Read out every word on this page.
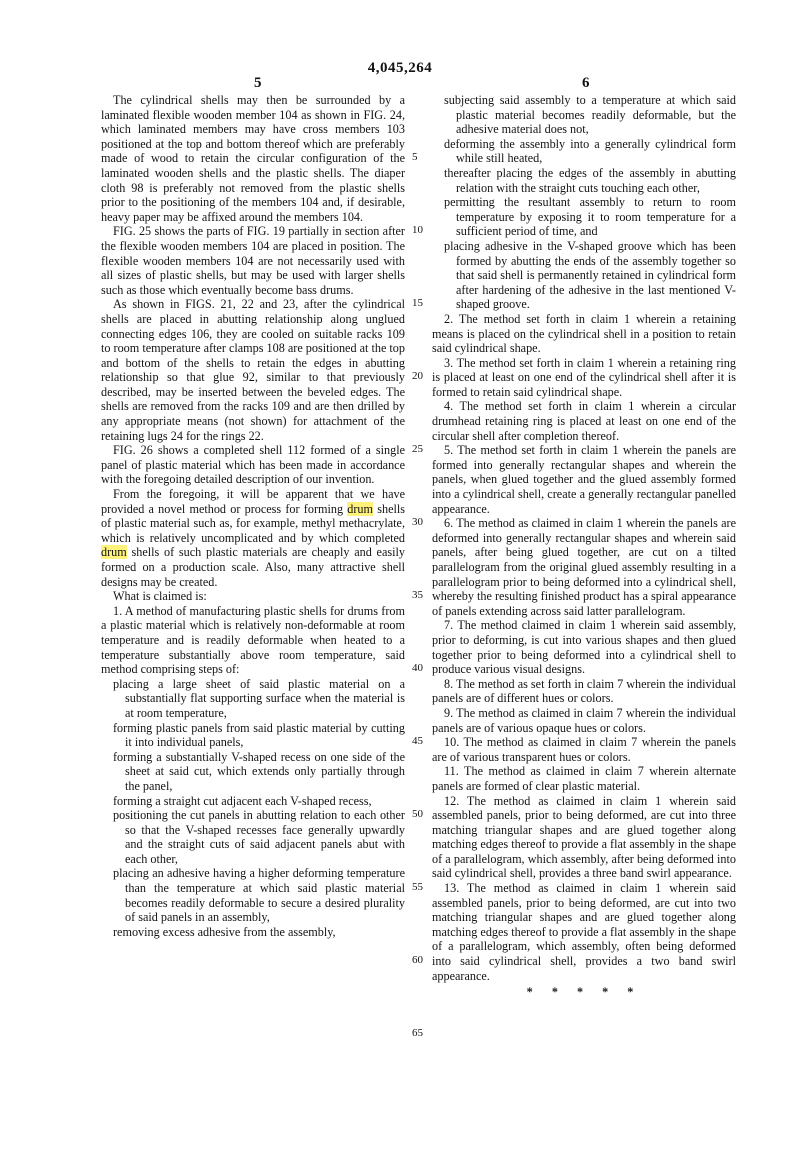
4,045,264
5	6

The cylindrical shells may then be surrounded by a laminated flexible wooden member 104 as shown in FIG. 24, which laminated members may have cross members 103 positioned at the top and bottom thereof which are preferably made of wood to retain the circular configuration of the laminated wooden shells and the plastic shells. The diaper cloth 98 is preferably not removed from the plastic shells prior to the positioning of the members 104 and, if desirable, heavy paper may be affixed around the members 104.

FIG. 25 shows the parts of FIG. 19 partially in section after the flexible wooden members 104 are placed in position. The flexible wooden members 104 are not necessarily used with all sizes of plastic shells, but may be used with larger shells such as those which eventually become bass drums.

As shown in FIGS. 21, 22 and 23, after the cylindrical shells are placed in abutting relationship along unglued connecting edges 106, they are cooled on suitable racks 109 to room temperature after clamps 108 are positioned at the top and bottom of the shells to retain the edges in abutting relationship so that glue 92, similar to that previously described, may be inserted between the beveled edges. The shells are removed from the racks 109 and are then drilled by any appropriate means (not shown) for attachment of the retaining lugs 24 for the rings 22.

FIG. 26 shows a completed shell 112 formed of a single panel of plastic material which has been made in accordance with the foregoing detailed description of our invention.

From the foregoing, it will be apparent that we have provided a novel method or process for forming drum shells of plastic material such as, for example, methyl methacrylate, which is relatively uncomplicated and by which completed drum shells of such plastic materials are cheaply and easily formed on a production scale. Also, many attractive shell designs may be created.

What is claimed is:

1. A method of manufacturing plastic shells for drums from a plastic material which is relatively non-deformable at room temperature and is readily deformable when heated to a temperature substantially above room temperature, said method comprising steps of:

placing a large sheet of said plastic material on a substantially flat supporting surface when the material is at room temperature,

forming plastic panels from said plastic material by cutting it into individual panels,

forming a substantially V-shaped recess on one side of the sheet at said cut, which extends only partially through the panel,

forming a straight cut adjacent each V-shaped recess,

positioning the cut panels in abutting relation to each other so that the V-shaped recesses face generally upwardly and the straight cuts of said adjacent panels abut with each other,

placing an adhesive having a higher deforming temperature than the temperature at which said plastic material becomes readily deformable to secure a desired plurality of said panels in an assembly,

removing excess adhesive from the assembly,

5
10
15
20
25
30
35
40
45
50
55
60
65

subjecting said assembly to a temperature at which said plastic material becomes readily deformable, but the adhesive material does not,

deforming the assembly into a generally cylindrical form while still heated,

thereafter placing the edges of the assembly in abutting relation with the straight cuts touching each other,

permitting the resultant assembly to return to room temperature by exposing it to room temperature for a sufficient period of time, and

placing adhesive in the V-shaped groove which has been formed by abutting the ends of the assembly together so that said shell is permanently retained in cylindrical form after hardening of the adhesive in the last mentioned V-shaped groove.

2. The method set forth in claim 1 wherein a retaining means is placed on the cylindrical shell in a position to retain said cylindrical shape.

3. The method set forth in claim 1 wherein a retaining ring is placed at least on one end of the cylindrical shell after it is formed to retain said cylindrical shape.

4. The method set forth in claim 1 wherein a circular drumhead retaining ring is placed at least on one end of the circular shell after completion thereof.

5. The method set forth in claim 1 wherein the panels are formed into generally rectangular shapes and wherein the panels, when glued together and the glued assembly formed into a cylindrical shell, create a generally rectangular panelled appearance.

6. The method as claimed in claim 1 wherein the panels are deformed into generally rectangular shapes and wherein said panels, after being glued together, are cut on a tilted parallelogram from the original glued assembly resulting in a parallelogram prior to being deformed into a cylindrical shell, whereby the resulting finished product has a spiral appearance of panels extending across said latter parallelogram.

7. The method claimed in claim 1 wherein said assembly, prior to deforming, is cut into various shapes and then glued together prior to being deformed into a cylindrical shell to produce various visual designs.

8. The method as set forth in claim 7 wherein the individual panels are of different hues or colors.

9. The method as claimed in claim 7 wherein the individual panels are of various opaque hues or colors.

10. The method as claimed in claim 7 wherein the panels are of various transparent hues or colors.

11. The method as claimed in claim 7 wherein alternate panels are formed of clear plastic material.

12. The method as claimed in claim 1 wherein said assembled panels, prior to being deformed, are cut into three matching triangular shapes and are glued together along matching edges thereof to provide a flat assembly in the shape of a parallelogram, which assembly, after being deformed into said cylindrical shell, provides a three band swirl appearance.

13. The method as claimed in claim 1 wherein said assembled panels, prior to being deformed, are cut into two matching triangular shapes and are glued together along matching edges thereof to provide a flat assembly in the shape of a parallelogram, which assembly, often being deformed into said cylindrical shell, provides a two band swirl appearance.

* * * * *
